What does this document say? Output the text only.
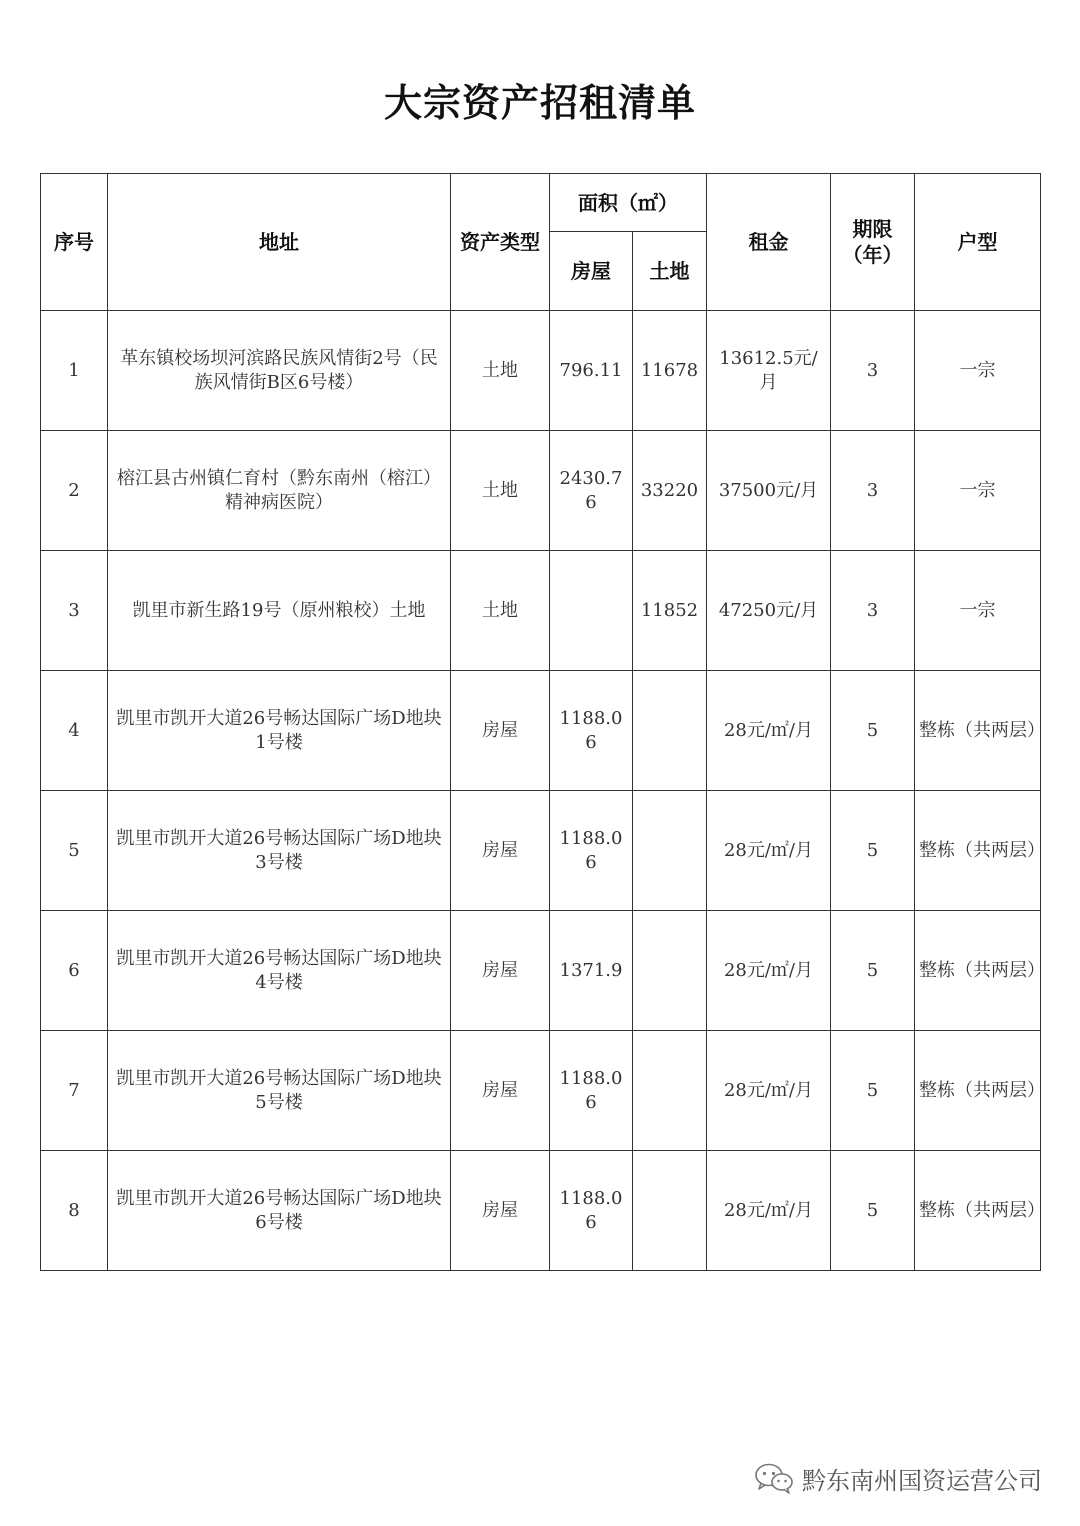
大宗资产招租清单
序号	地址	资产类型	面积（㎡）		租金	期限（年）	户型
			房屋	土地			
1	革东镇校场坝河滨路民族风情街2号（民族风情街B区6号楼）	土地	796.11	11678	13612.5元/月	3	一宗
2	榕江县古州镇仁育村（黔东南州（榕江）精神病医院）	土地	2430.76	33220	37500元/月	3	一宗
3	凯里市新生路19号（原州粮校）土地	土地		11852	47250元/月	3	一宗
4	凯里市凯开大道26号畅达国际广场D地块1号楼	房屋	1188.06		28元/㎡/月	5	整栋（共两层）
5	凯里市凯开大道26号畅达国际广场D地块3号楼	房屋	1188.06		28元/㎡/月	5	整栋（共两层）
6	凯里市凯开大道26号畅达国际广场D地块4号楼	房屋	1371.9		28元/㎡/月	5	整栋（共两层）
7	凯里市凯开大道26号畅达国际广场D地块5号楼	房屋	1188.06		28元/㎡/月	5	整栋（共两层）
8	凯里市凯开大道26号畅达国际广场D地块6号楼	房屋	1188.06		28元/㎡/月	5	整栋（共两层）
黔东南州国资运营公司
